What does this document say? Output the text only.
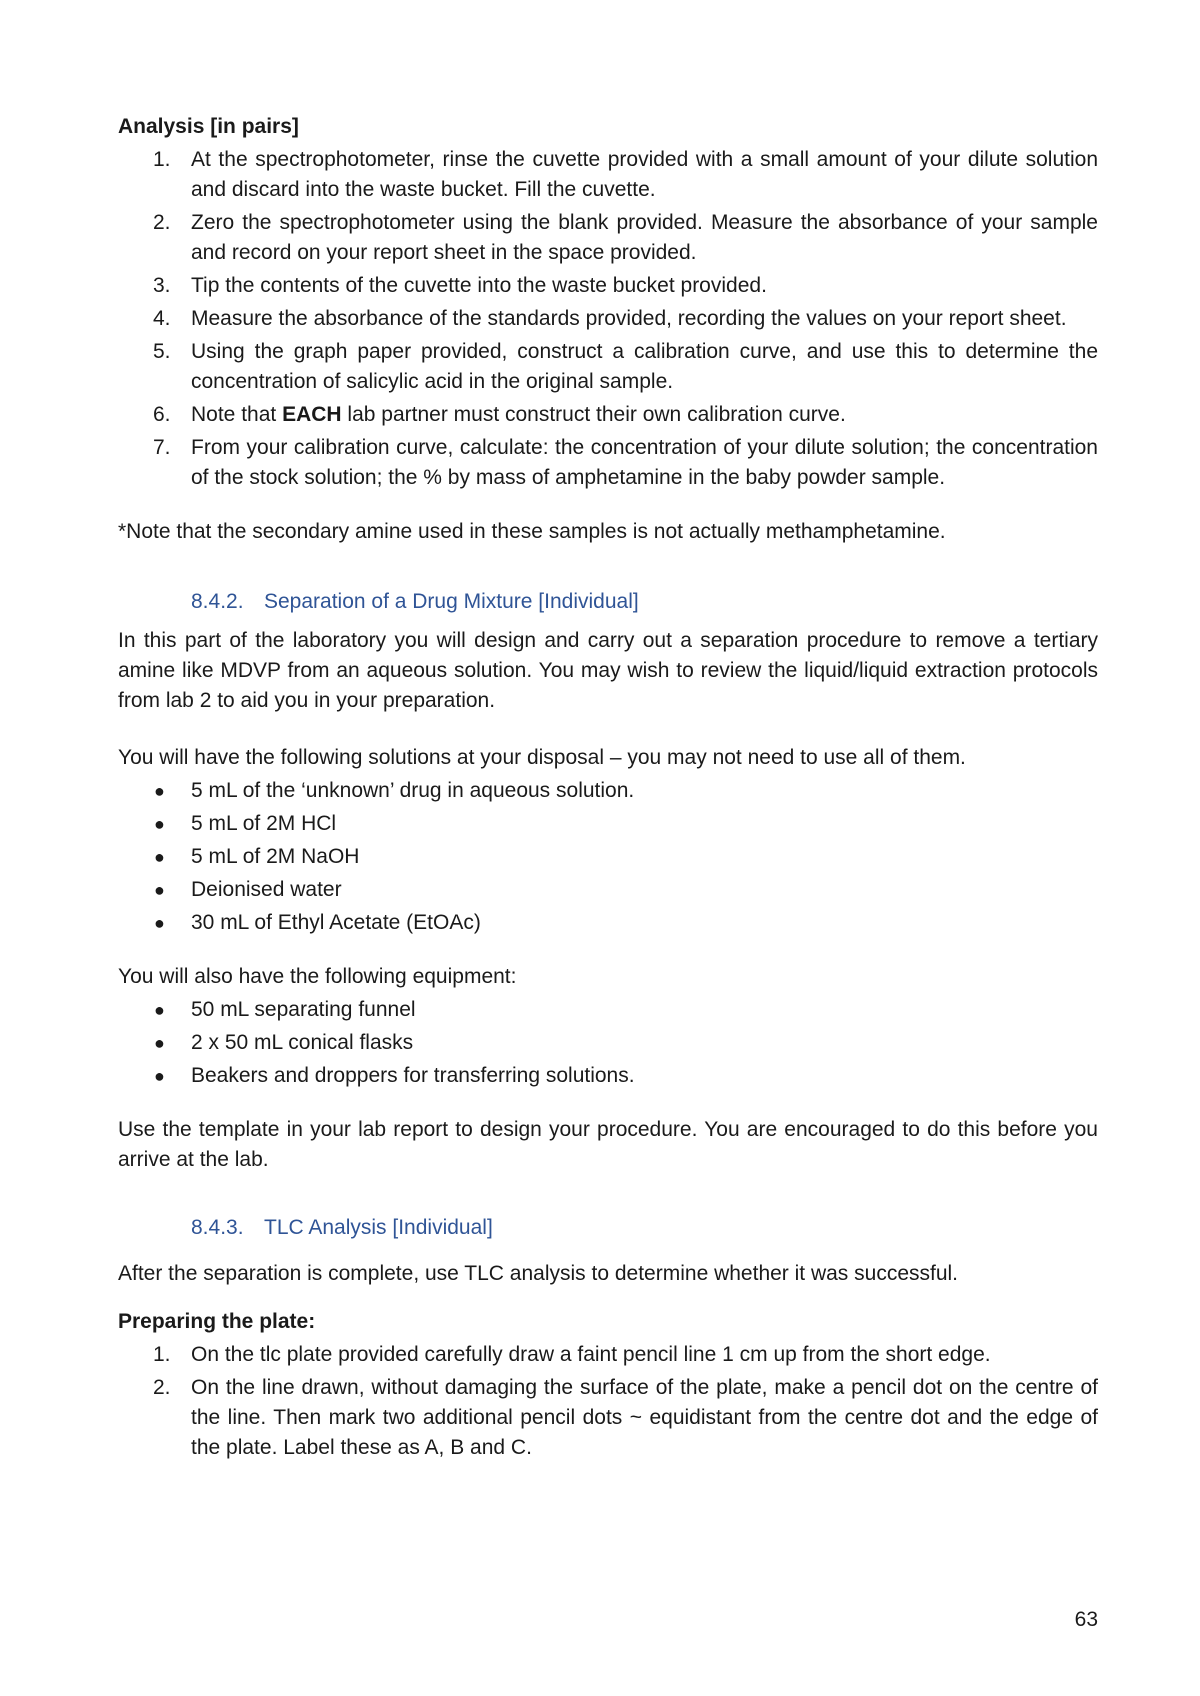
Analysis [in pairs]

1. At the spectrophotometer, rinse the cuvette provided with a small amount of your dilute solution and discard into the waste bucket. Fill the cuvette.
2. Zero the spectrophotometer using the blank provided. Measure the absorbance of your sample and record on your report sheet in the space provided.
3. Tip the contents of the cuvette into the waste bucket provided.
4. Measure the absorbance of the standards provided, recording the values on your report sheet.
5. Using the graph paper provided, construct a calibration curve, and use this to determine the concentration of salicylic acid in the original sample.
6. Note that EACH lab partner must construct their own calibration curve.
7. From your calibration curve, calculate: the concentration of your dilute solution; the concentration of the stock solution; the % by mass of amphetamine in the baby powder sample.

*Note that the secondary amine used in these samples is not actually methamphetamine.

8.4.2. Separation of a Drug Mixture [Individual]

In this part of the laboratory you will design and carry out a separation procedure to remove a tertiary amine like MDVP from an aqueous solution. You may wish to review the liquid/liquid extraction protocols from lab 2 to aid you in your preparation.

You will have the following solutions at your disposal – you may not need to use all of them.

● 5 mL of the ‘unknown’ drug in aqueous solution.
● 5 mL of 2M HCl
● 5 mL of 2M NaOH
● Deionised water
● 30 mL of Ethyl Acetate (EtOAc)

You will also have the following equipment:

● 50 mL separating funnel
● 2 x 50 mL conical flasks
● Beakers and droppers for transferring solutions.

Use the template in your lab report to design your procedure. You are encouraged to do this before you arrive at the lab.

8.4.3. TLC Analysis [Individual]

After the separation is complete, use TLC analysis to determine whether it was successful.

Preparing the plate:

1. On the tlc plate provided carefully draw a faint pencil line 1 cm up from the short edge.
2. On the line drawn, without damaging the surface of the plate, make a pencil dot on the centre of the line. Then mark two additional pencil dots ~ equidistant from the centre dot and the edge of the plate. Label these as A, B and C.
63
